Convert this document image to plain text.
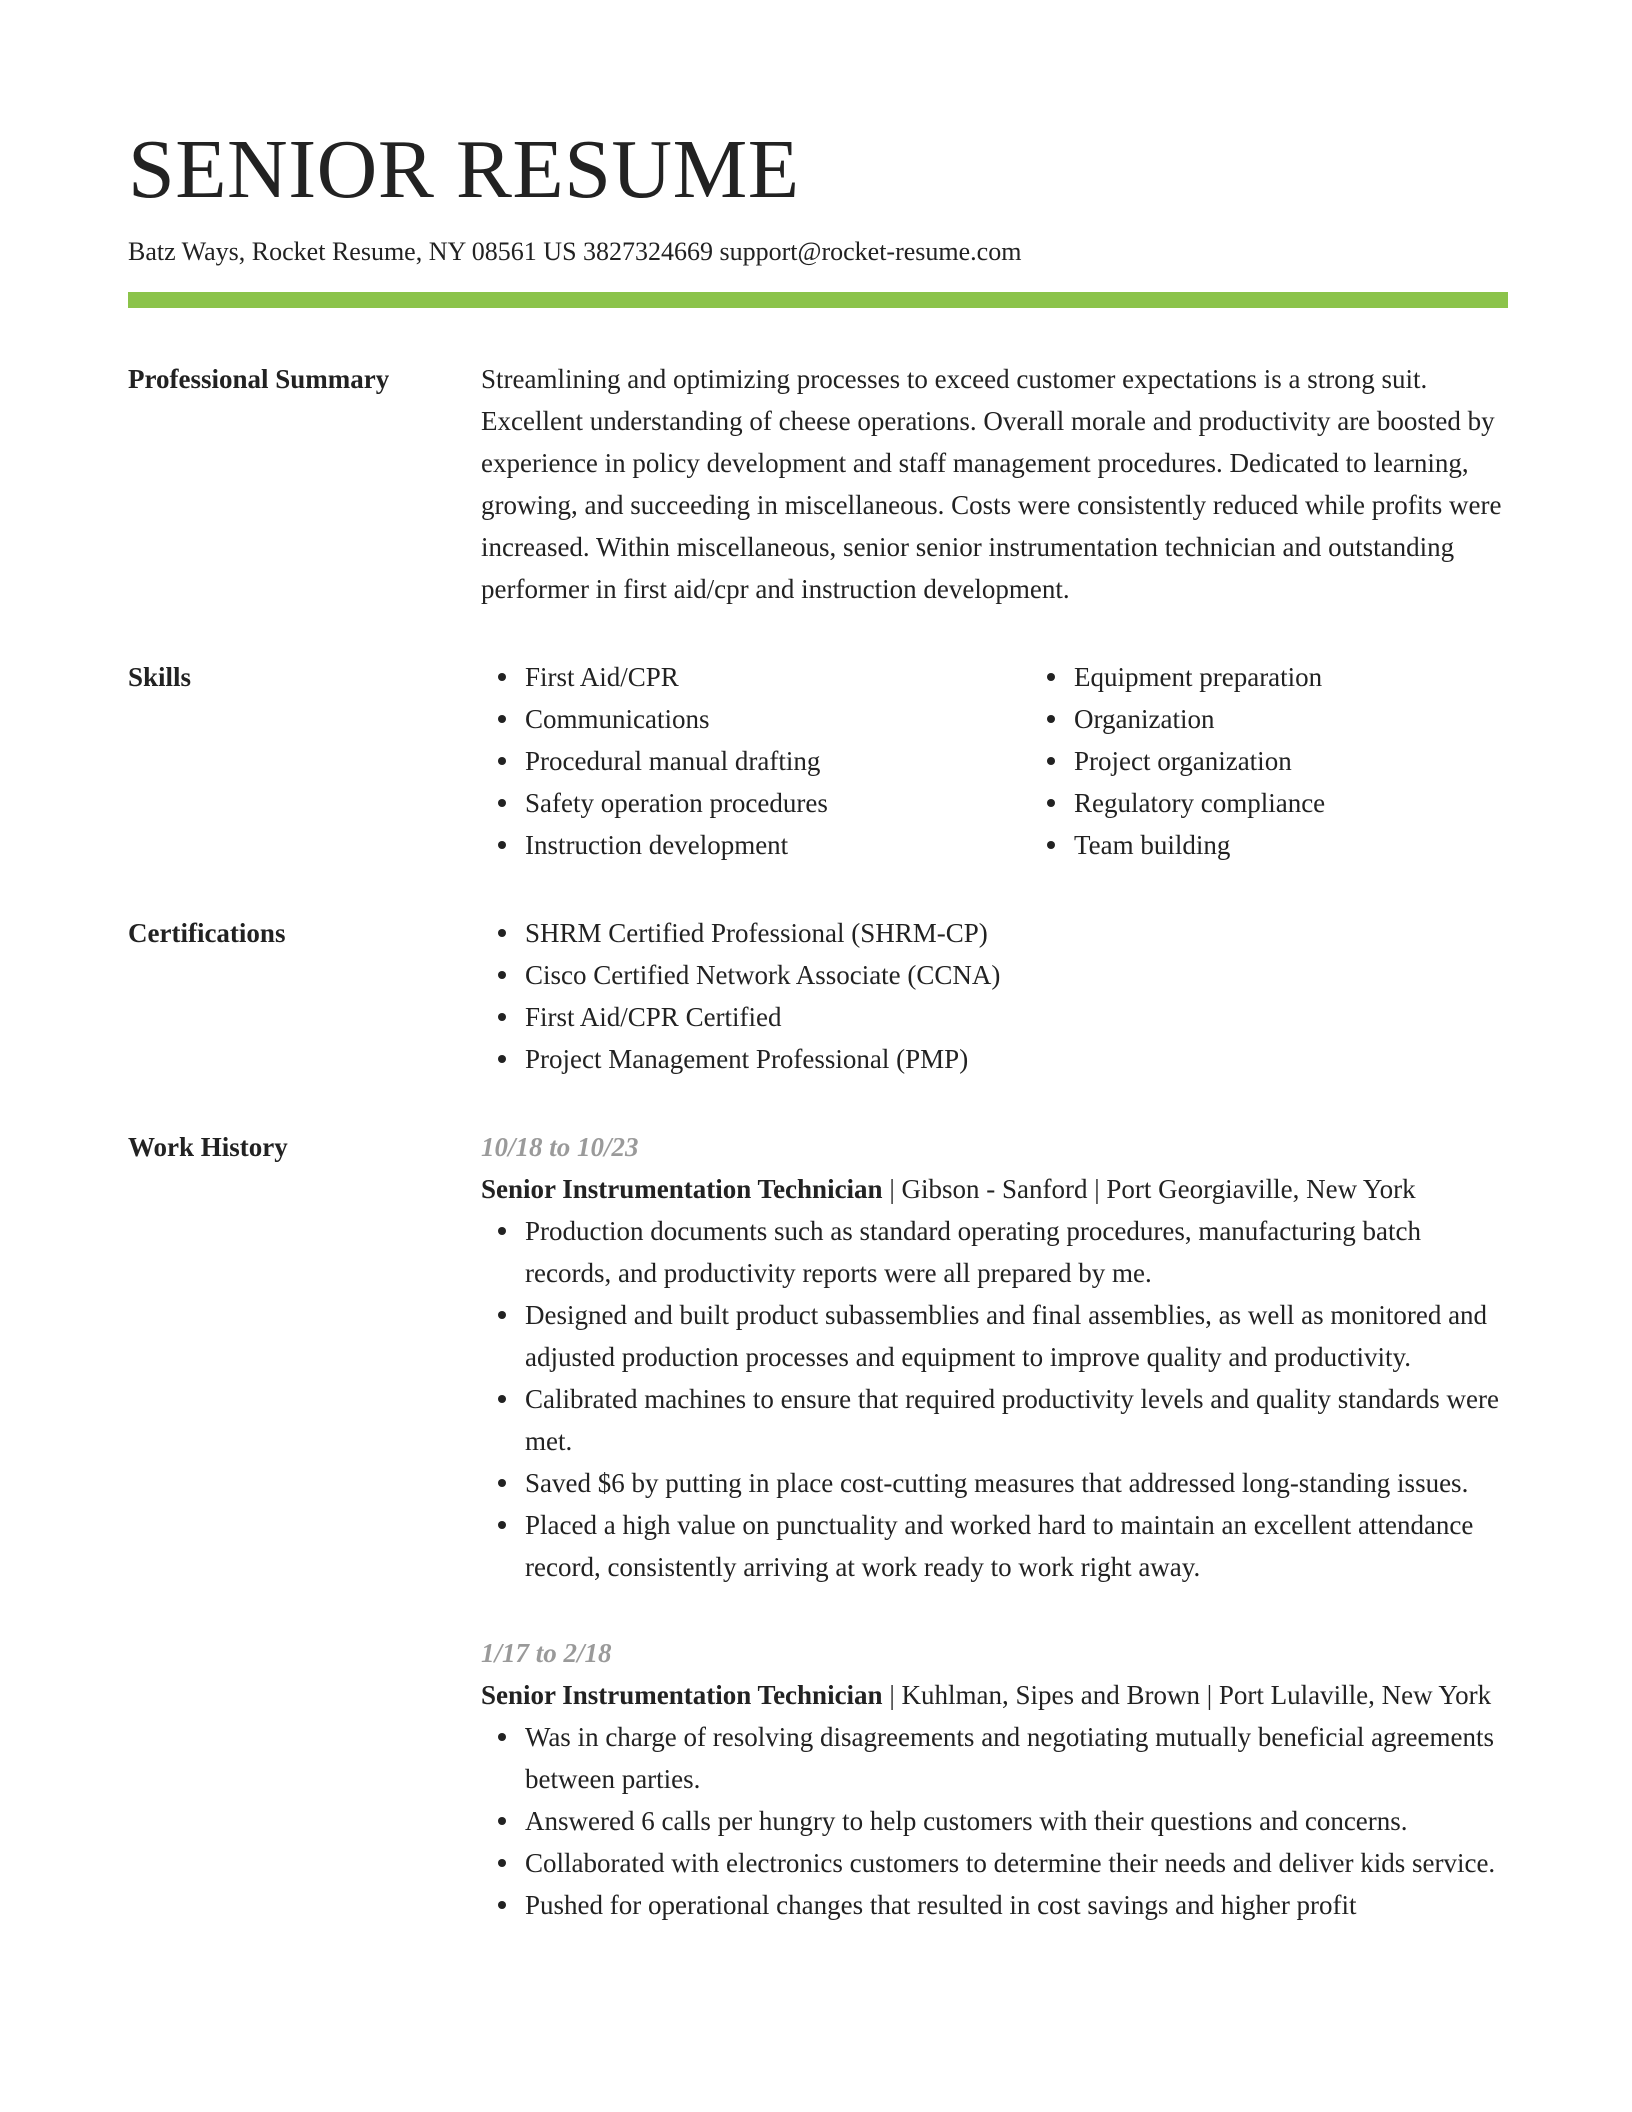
SENIOR RESUME
Batz Ways, Rocket Resume, NY 08561 US 3827324669 support@rocket-resume.com
Professional Summary	Streamlining and optimizing processes to exceed customer expectations is a strong suit. Excellent understanding of cheese operations. Overall morale and productivity are boosted by experience in policy development and staff management procedures. Dedicated to learning, growing, and succeeding in miscellaneous. Costs were consistently reduced while profits were increased. Within miscellaneous, senior senior instrumentation technician and outstanding performer in first aid/cpr and instruction development.

Skills	First Aid/CPR
Communications
Procedural manual drafting
Safety operation procedures
Instruction development
Equipment preparation
Organization
Project organization
Regulatory compliance
Team building
Certifications	SHRM Certified Professional (SHRM-CP)
Cisco Certified Network Associate (CCNA)
First Aid/CPR Certified
Project Management Professional (PMP)
Work History	10/18 to 10/23
Senior Instrumentation Technician | Gibson - Sanford | Port Georgiaville, New York
Production documents such as standard operating procedures, manufacturing batch records, and productivity reports were all prepared by me.
Designed and built product subassemblies and final assemblies, as well as monitored and adjusted production processes and equipment to improve quality and productivity.
Calibrated machines to ensure that required productivity levels and quality standards were met.
Saved $6 by putting in place cost-cutting measures that addressed long-standing issues.
Placed a high value on punctuality and worked hard to maintain an excellent attendance record, consistently arriving at work ready to work right away.
1/17 to 2/18
Senior Instrumentation Technician | Kuhlman, Sipes and Brown | Port Lulaville, New York
Was in charge of resolving disagreements and negotiating mutually beneficial agreements between parties.
Answered 6 calls per hungry to help customers with their questions and concerns.
Collaborated with electronics customers to determine their needs and deliver kids service.
Pushed for operational changes that resulted in cost savings and higher profit
